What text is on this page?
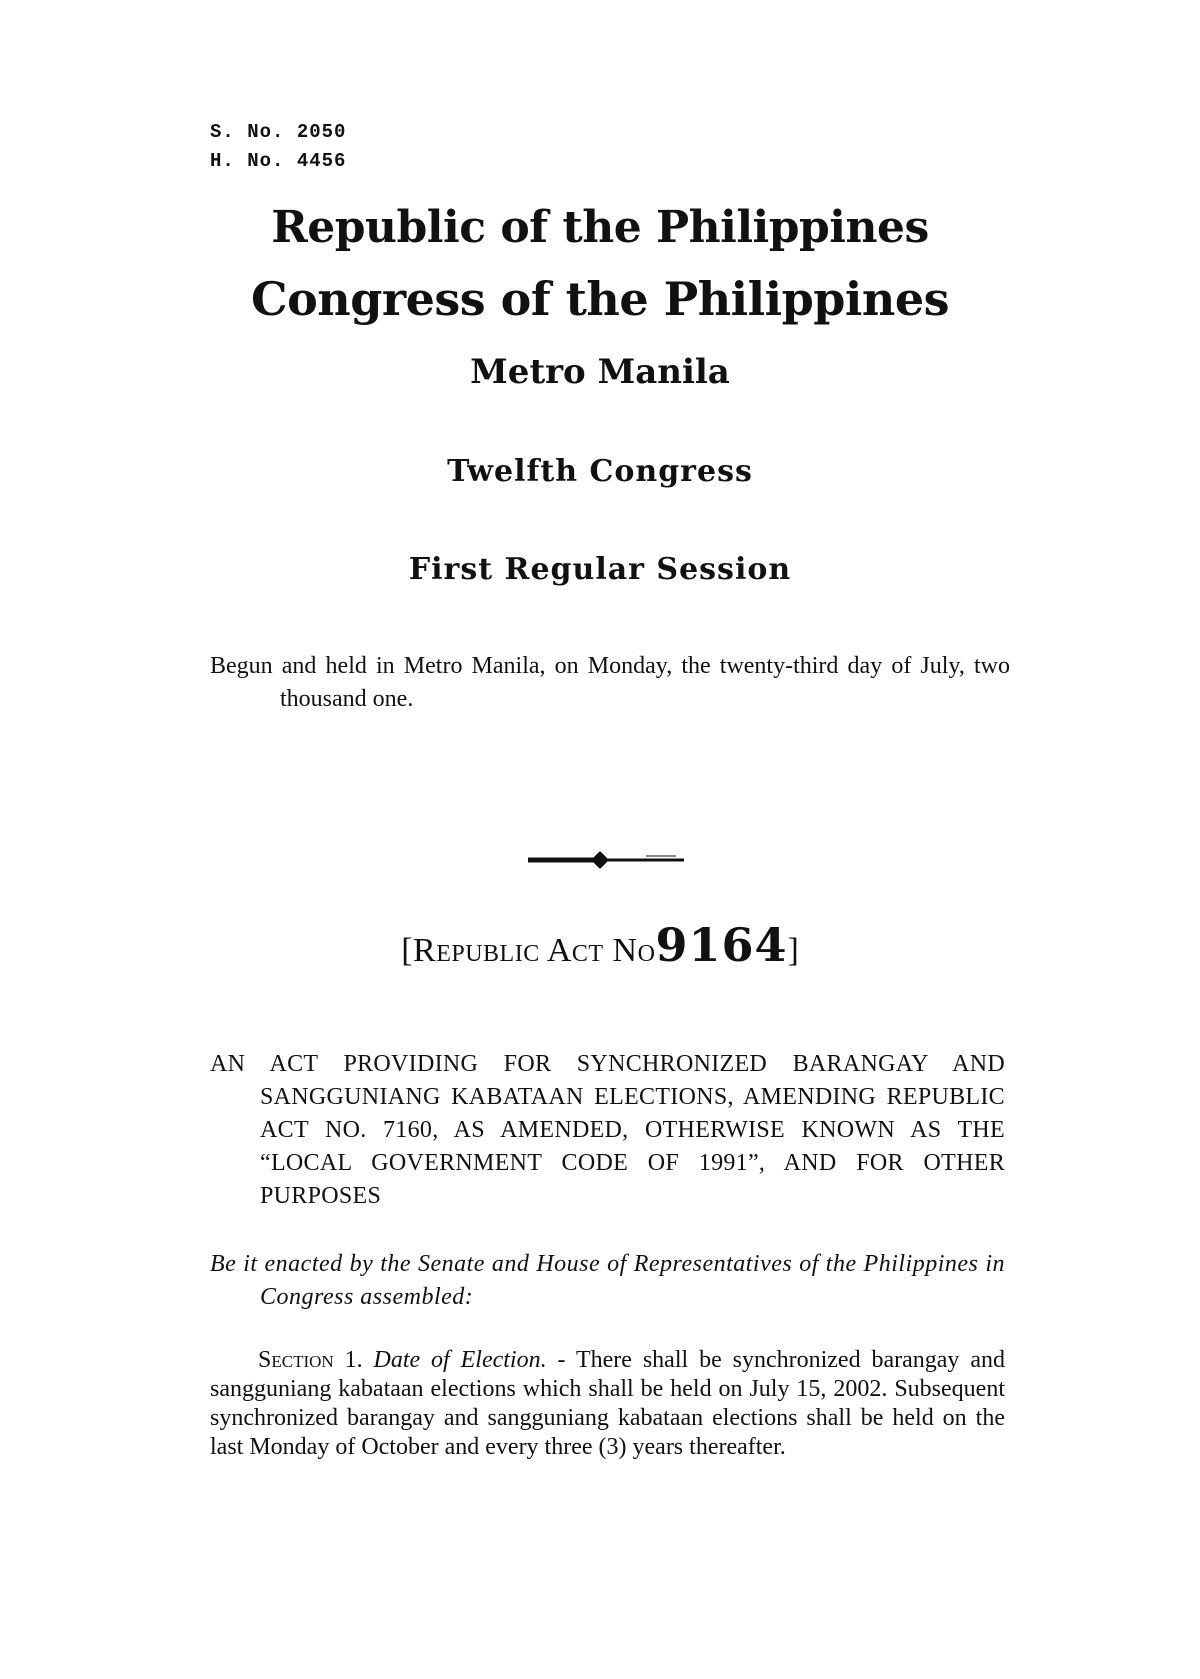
S. No. 2050
H. No. 4456
Republic of the Philippines
Congress of the Philippines
Metro Manila
Twelfth Congress
First Regular Session
Begun and held in Metro Manila, on Monday, the twenty-third day of July, two thousand one.
[Republic Act No9164]
AN ACT PROVIDING FOR SYNCHRONIZED BARANGAY AND SANGGUNIANG KABATAAN ELECTIONS, AMENDING REPUBLIC ACT NO. 7160, AS AMENDED, OTHERWISE KNOWN AS THE “LOCAL GOVERNMENT CODE OF 1991”, AND FOR OTHER PURPOSES
Be it enacted by the Senate and House of Representatives of the Philippines in Congress assembled:
Section 1. Date of Election. - There shall be synchronized barangay and sangguniang kabataan elections which shall be held on July 15, 2002. Subsequent synchronized barangay and sangguniang kabataan elections shall be held on the last Monday of October and every three (3) years thereafter.
